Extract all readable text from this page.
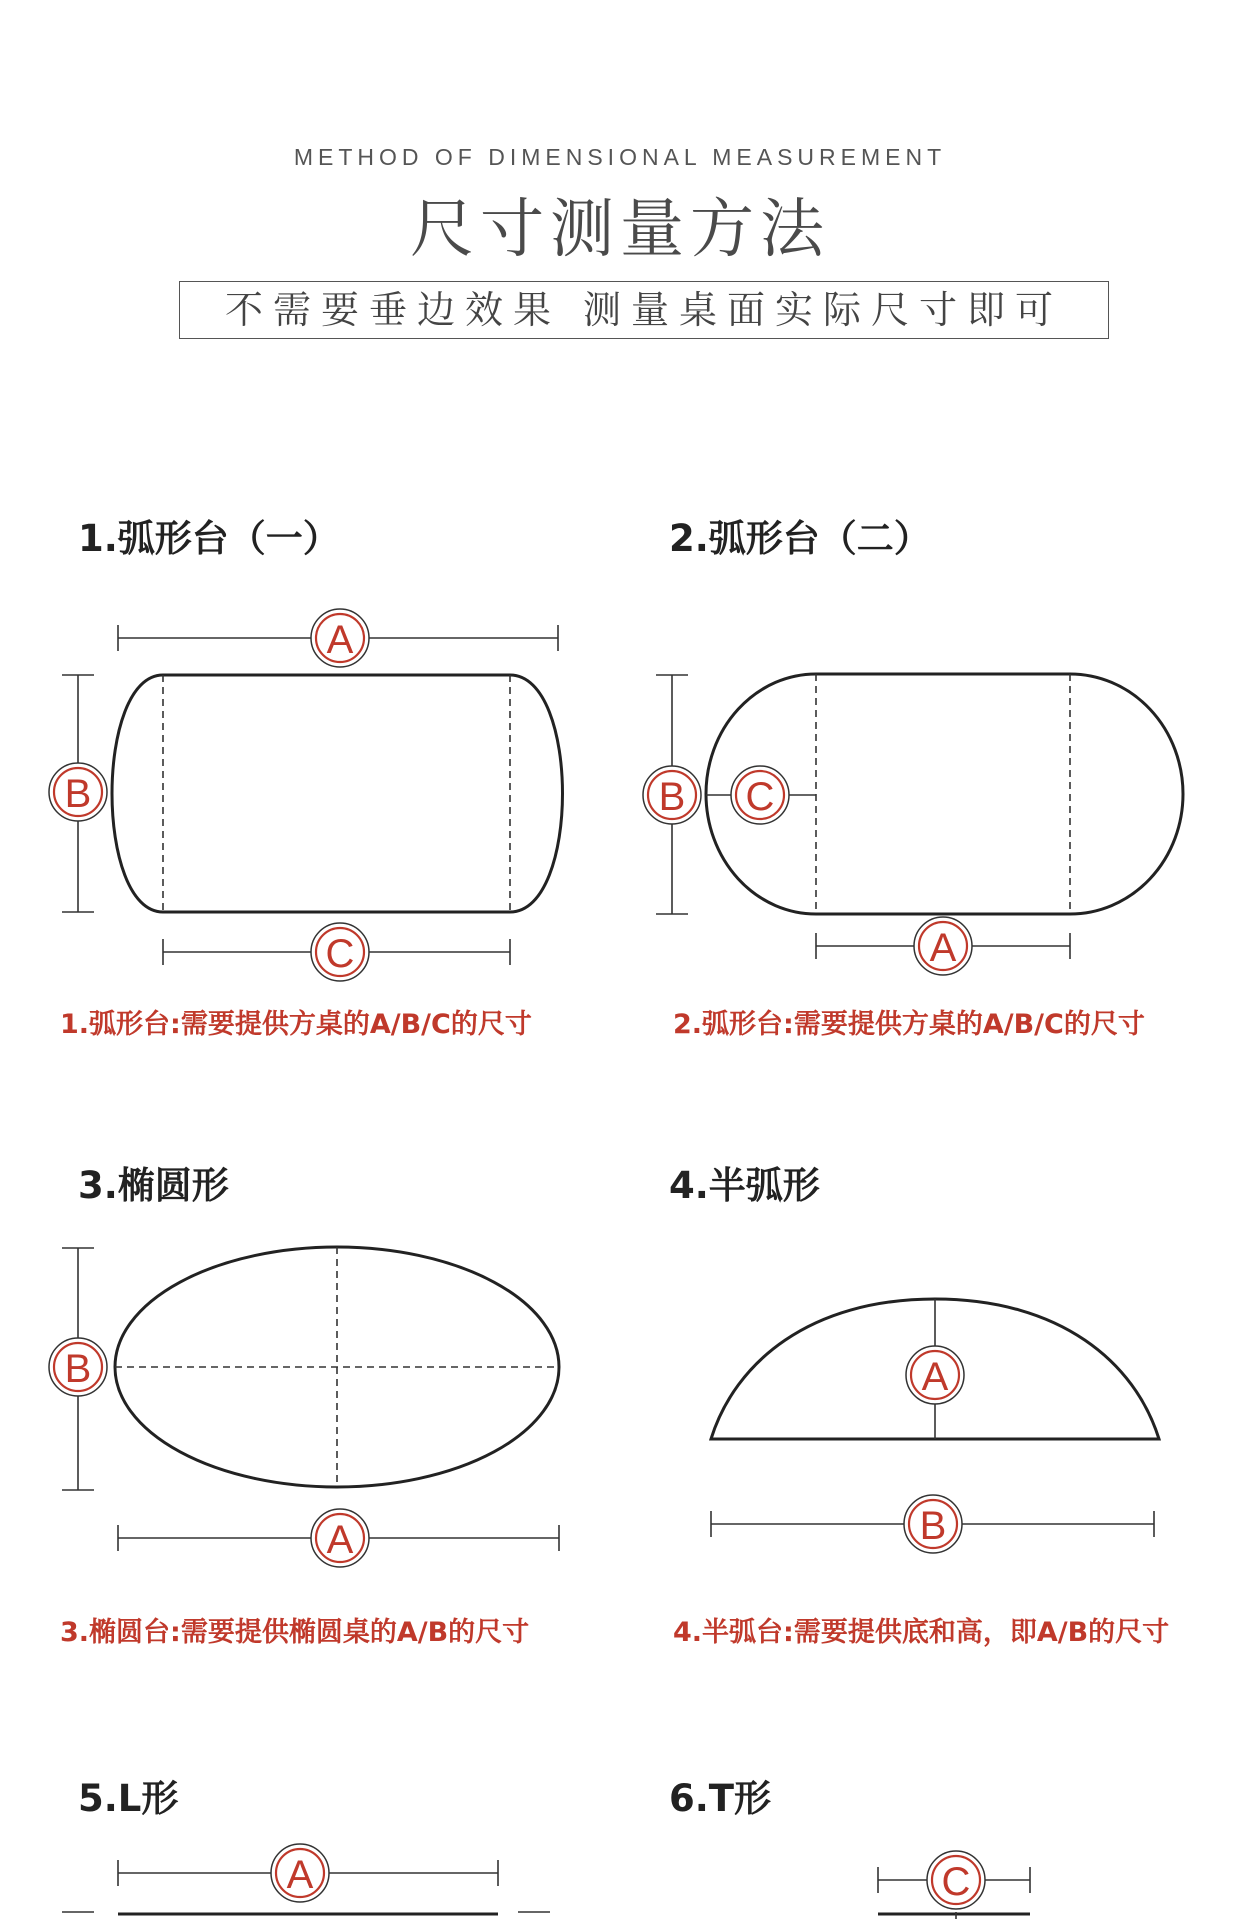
METHOD OF DIMENSIONAL MEASUREMENT
尺寸测量方法
不需要垂边效果 测量桌面实际尺寸即可
1.弧形台（一）	2.弧形台（二）
3.椭圆形	4.半弧形
5.L形	6.T形
1.弧形台:需要提供方桌的A/B/C的尺寸	2.弧形台:需要提供方桌的A/B/C的尺寸
3.椭圆台:需要提供椭圆桌的A/B的尺寸	4.半弧台:需要提供底和高，即A/B的尺寸
A
B
C
B C
A
B
A
A
B
A	C
